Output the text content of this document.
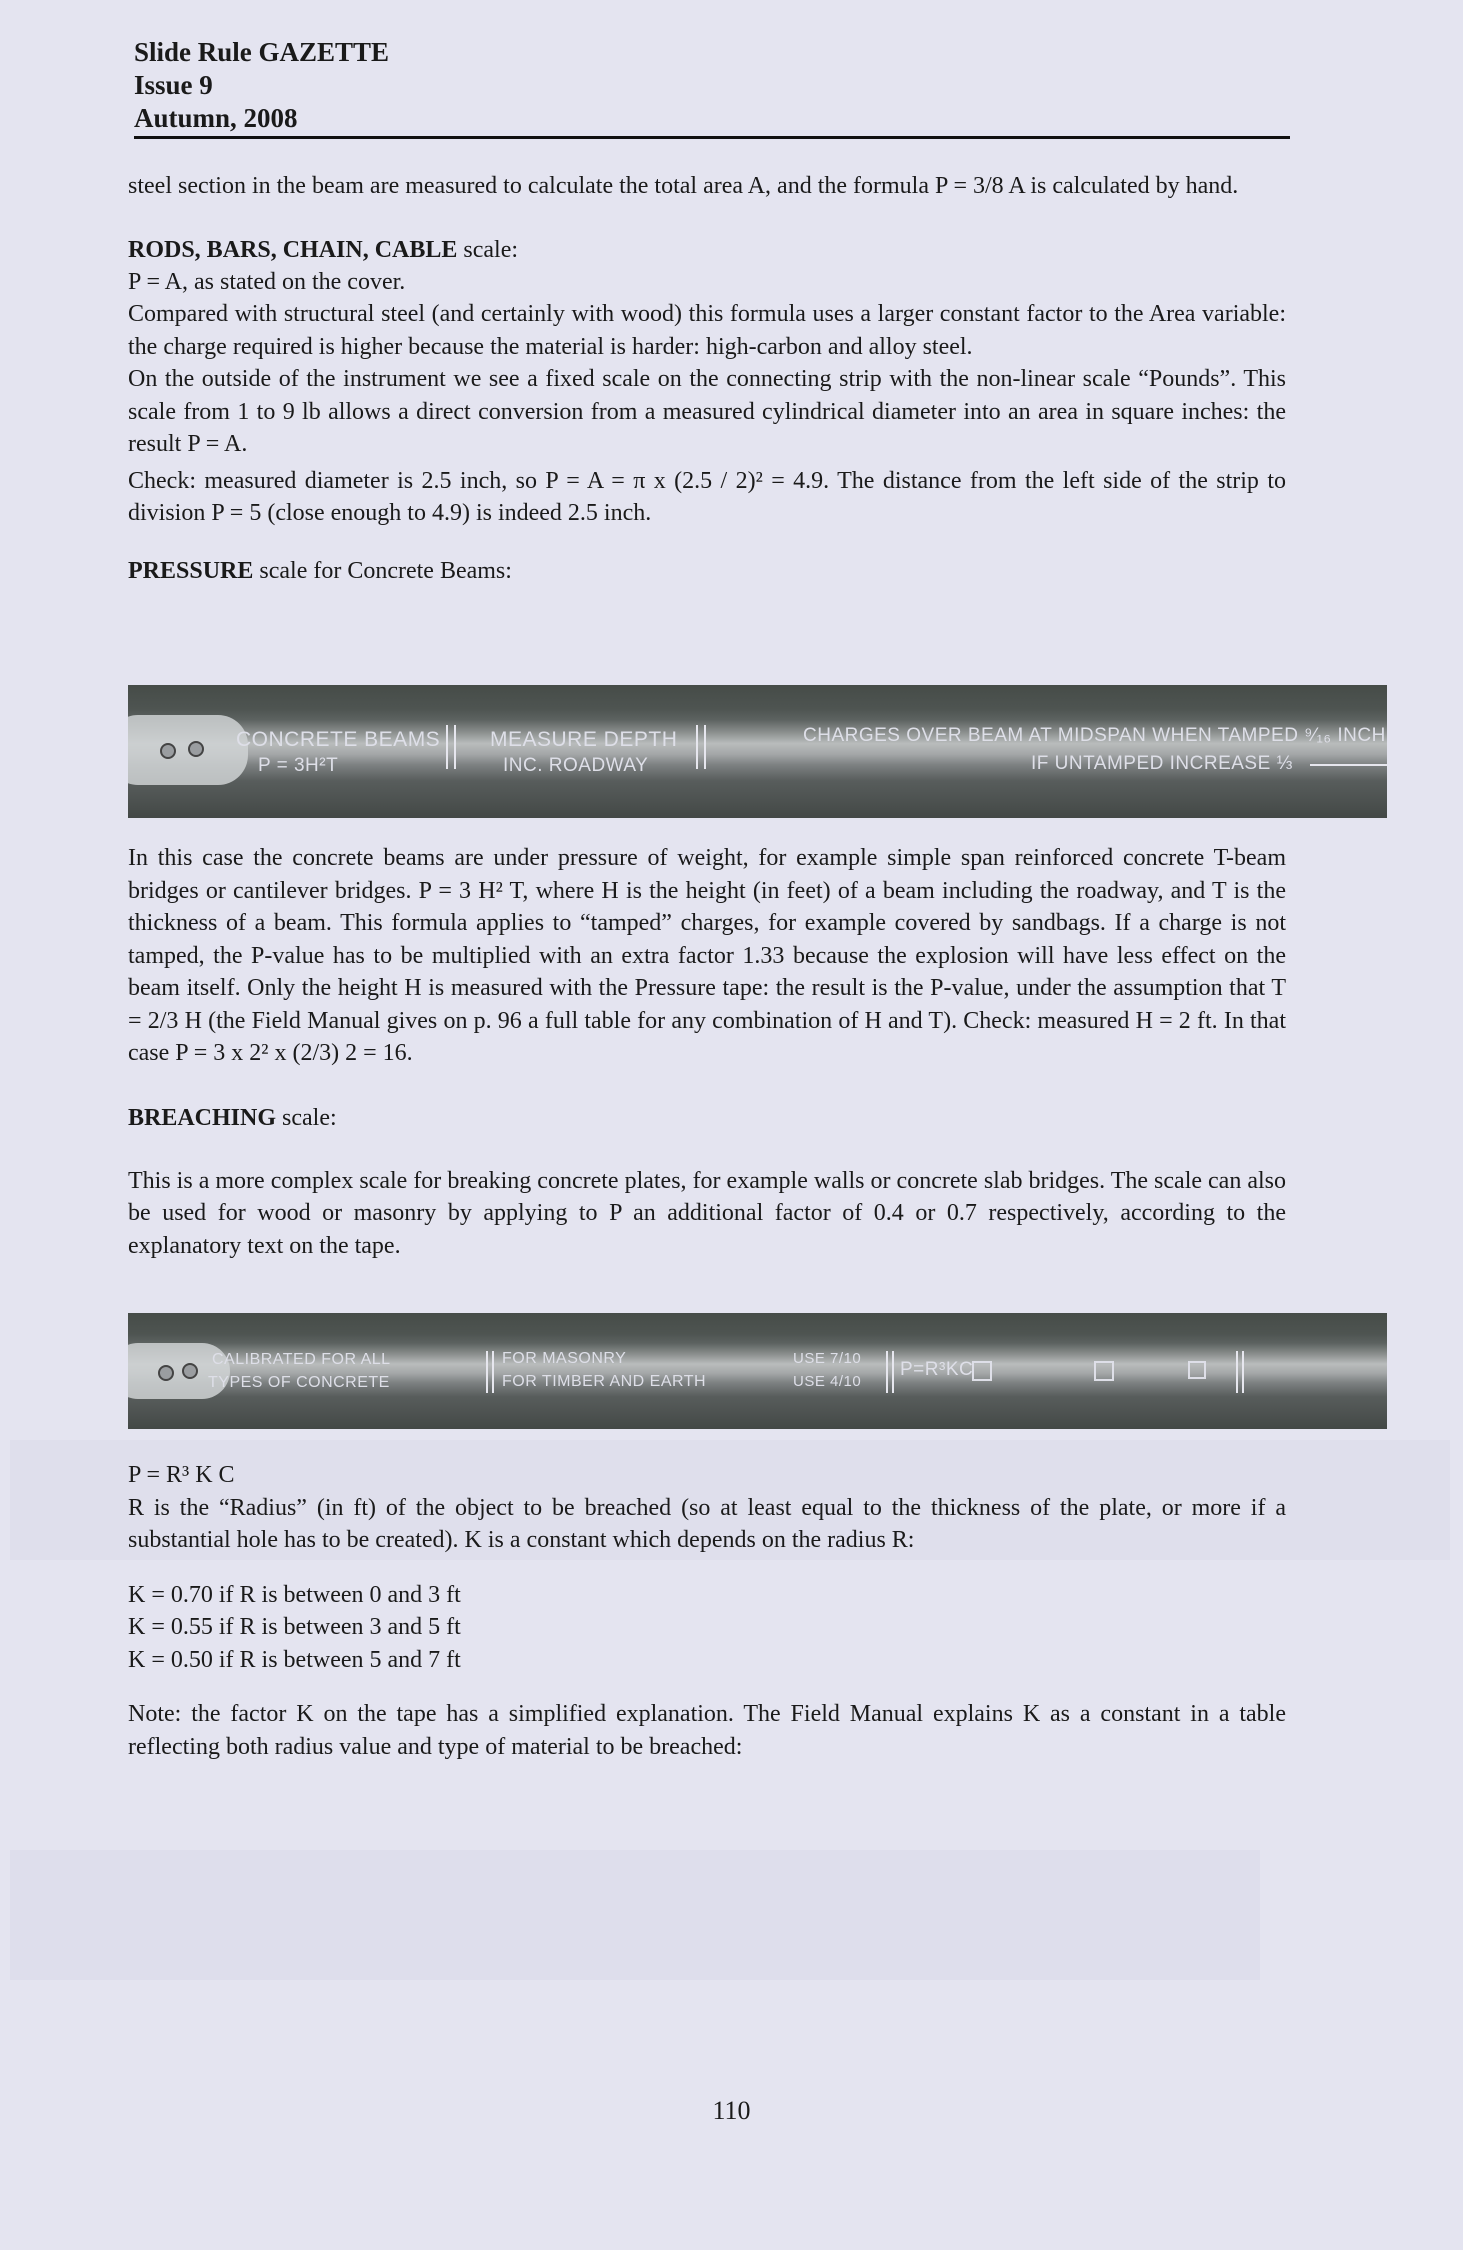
Slide Rule GAZETTE
Issue 9
Autumn, 2008

steel section in the beam are measured to calculate the total area A, and the formula P = 3/8 A is calculated by hand.

RODS, BARS, CHAIN, CABLE scale:

P = A, as stated on the cover.

Compared with structural steel (and certainly with wood) this formula uses a larger constant factor to the Area variable: the charge required is higher because the material is harder: high-carbon and alloy steel.

On the outside of the instrument we see a fixed scale on the connecting strip with the non-linear scale “Pounds”. This scale from 1 to 9 lb allows a direct conversion from a measured cylindrical diameter into an area in square inches: the result P = A.

Check: measured diameter is 2.5 inch, so P = A = π x (2.5 / 2)² = 4.9. The distance from the left side of the strip to division P = 5 (close enough to 4.9) is indeed 2.5 inch.

PRESSURE scale for Concrete Beams:

CONCRETE BEAMS
P = 3H²T
MEASURE DEPTH
INC. ROADWAY
CHARGES OVER BEAM AT MIDSPAN WHEN TAMPED ⁹⁄₁₆ INCH
IF UNTAMPED INCREASE ⅓

In this case the concrete beams are under pressure of weight, for example simple span reinforced concrete T-beam bridges or cantilever bridges. P = 3 H² T, where H is the height (in feet) of a beam including the roadway, and T is the thickness of a beam. This formula applies to “tamped” charges, for example covered by sandbags. If a charge is not tamped, the P-value has to be multiplied with an extra factor 1.33 because the explosion will have less effect on the beam itself. Only the height H is measured with the Pressure tape: the result is the P-value, under the assumption that T = 2/3 H (the Field Manual gives on p. 96 a full table for any combination of H and T). Check: measured H = 2 ft. In that case P = 3 x 2² x (2/3) 2 = 16.

BREACHING scale:

This is a more complex scale for breaking concrete plates, for example walls or concrete slab bridges. The scale can also be used for wood or masonry by applying to P an additional factor of 0.4 or 0.7 respectively, according to the explanatory text on the tape.

CALIBRATED FOR ALL
TYPES OF CONCRETE
FOR MASONRY
FOR TIMBER AND EARTH
USE 7/10
USE 4/10
P=R³KC

P = R³ K C

R is the “Radius” (in ft) of the object to be breached (so at least equal to the thickness of the plate, or more if a substantial hole has to be created). K is a constant which depends on the radius R:

K = 0.70 if R is between 0 and 3 ft

K = 0.55 if R is between 3 and 5 ft

K = 0.50 if R is between 5 and 7 ft

Note: the factor K on the tape has a simplified explanation. The Field Manual explains K as a constant in a table reflecting both radius value and type of material to be breached:

110
